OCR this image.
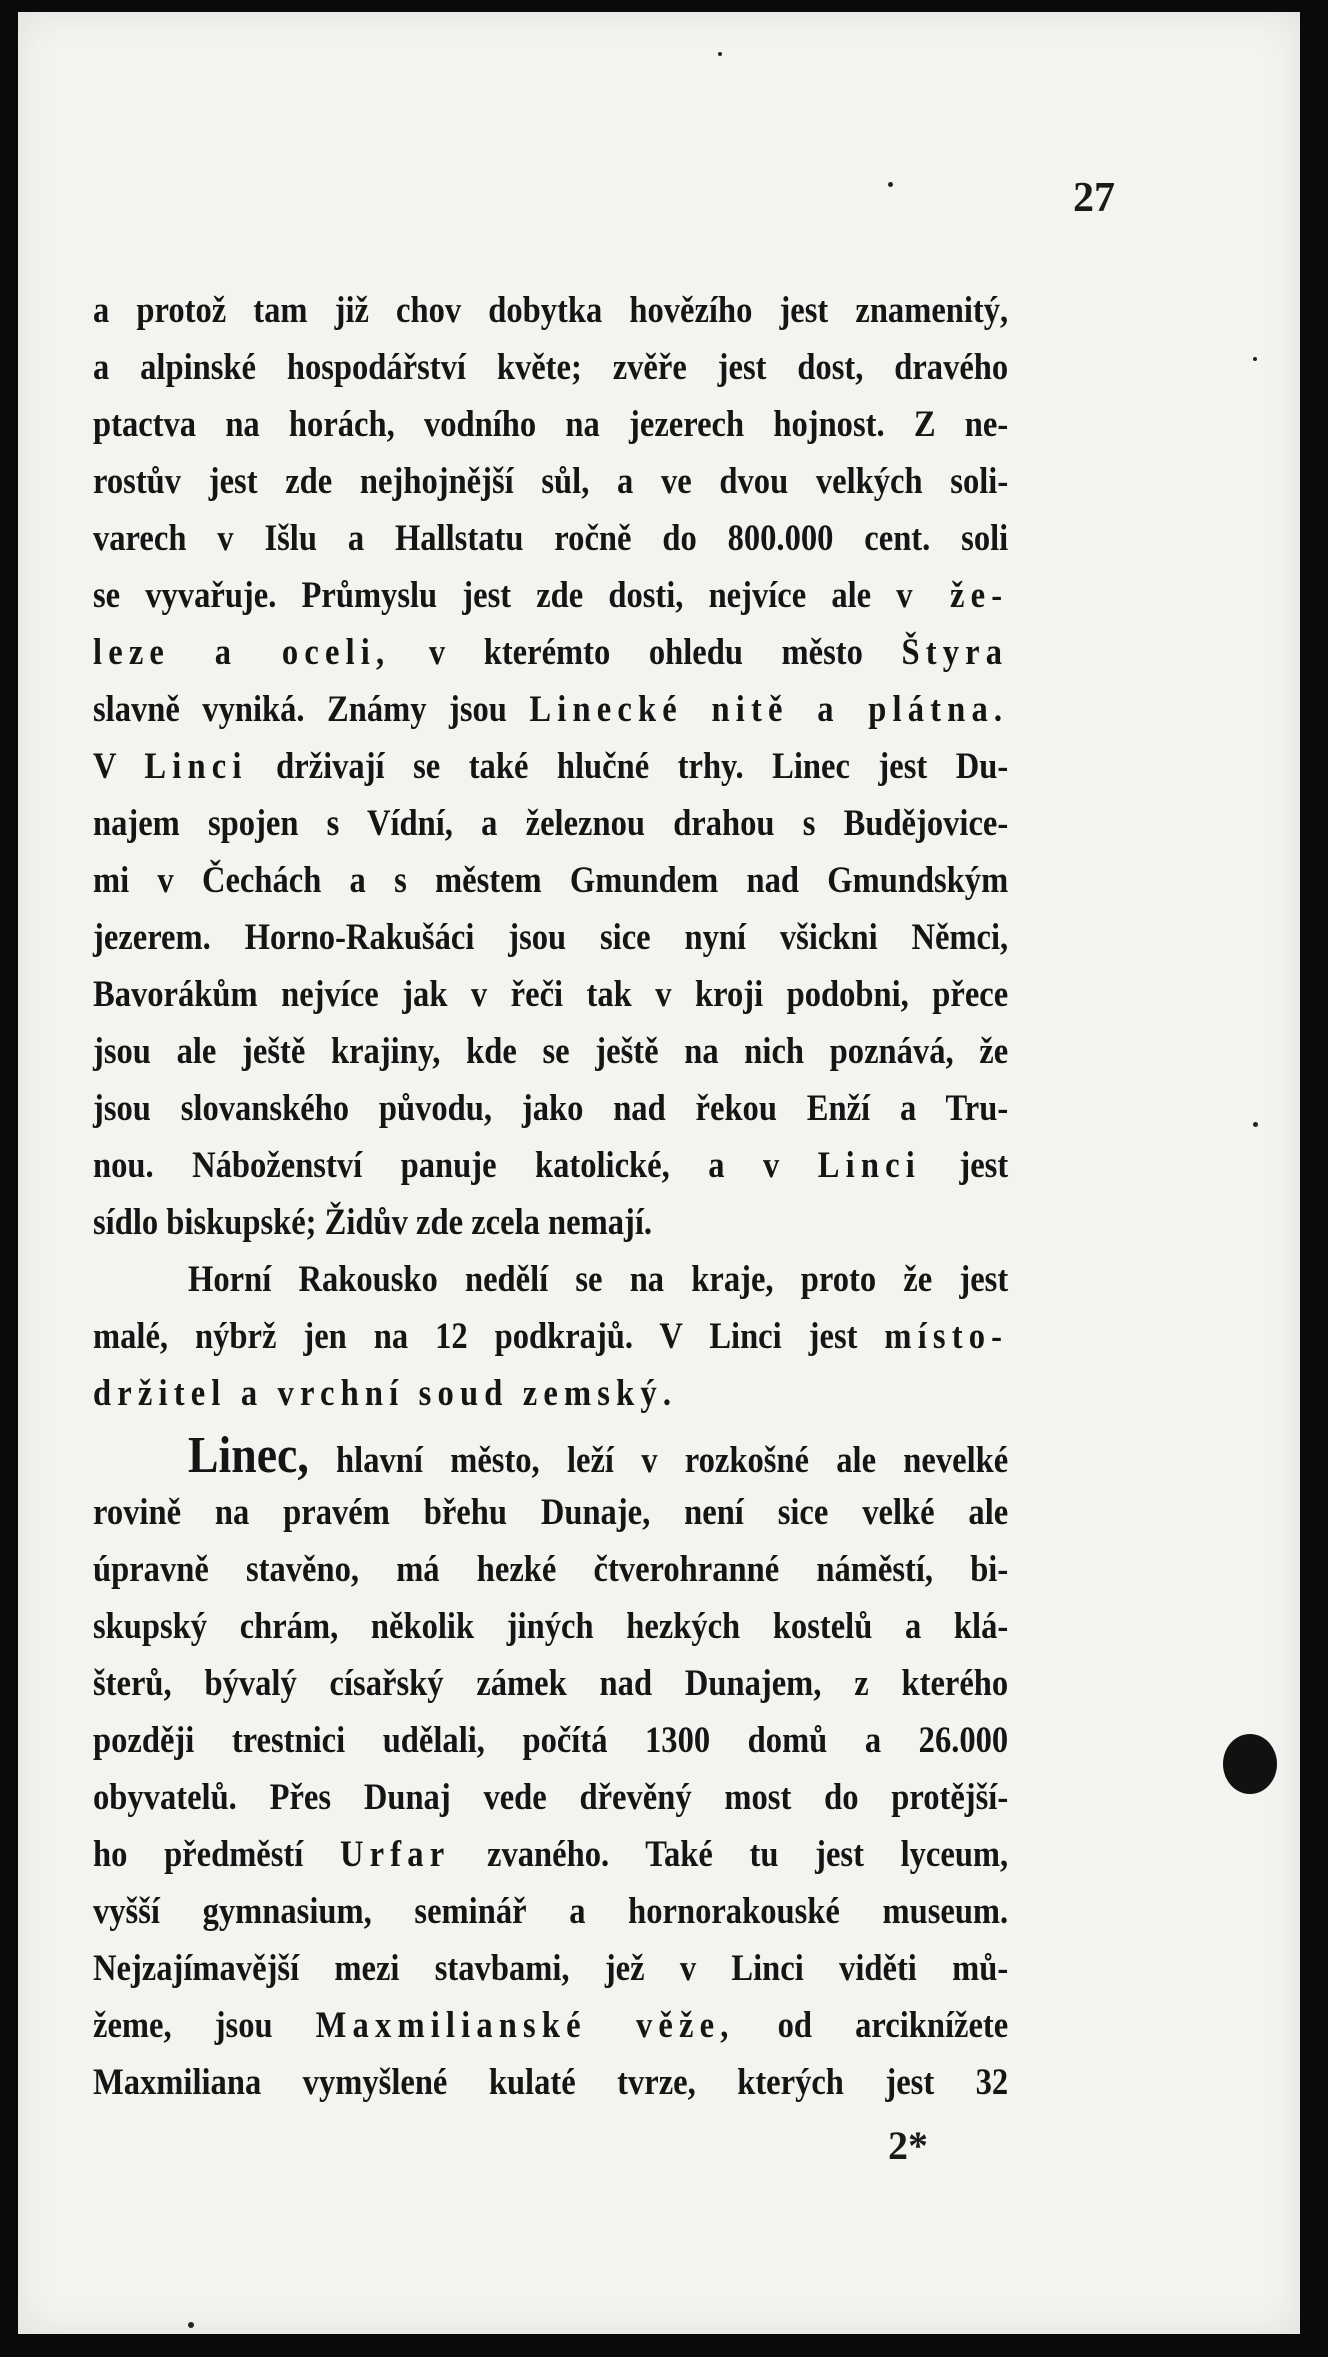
27
a protož tam již chov dobytka hovězího jest znamenitý,
a alpinské hospodářství květe; zvěře jest dost, dravého
ptactva na horách, vodního na jezerech hojnost. Z ne-
rostův jest zde nejhojnější sůl, a ve dvou velkých soli-
varech v Išlu a Hallstatu ročně do 800.000 cent. soli
se vyvařuje. Průmyslu jest zde dosti, nejvíce ale v že-
leze a oceli, v kterémto ohledu město Štyra
slavně vyniká. Známy jsou Linecké nitě a plátna.
V Linci drživají se také hlučné trhy. Linec jest Du-
najem spojen s Vídní, a železnou drahou s Budějovice-
mi v Čechách a s městem Gmundem nad Gmundským
jezerem. Horno-Rakušáci jsou sice nyní všickni Němci,
Bavorákům nejvíce jak v řeči tak v kroji podobni, přece
jsou ale ještě krajiny, kde se ještě na nich poznává, že
jsou slovanského původu, jako nad řekou Enží a Tru-
nou. Náboženství panuje katolické, a v Linci jest
sídlo biskupské; Židův zde zcela nemají.
Horní Rakousko nedělí se na kraje, proto že jest
malé, nýbrž jen na 12 podkrajů. V Linci jest místo-
držitel a vrchní soud zemský.
Linec, hlavní město, leží v rozkošné ale nevelké
rovině na pravém břehu Dunaje, není sice velké ale
úpravně stavěno, má hezké čtverohranné náměstí, bi-
skupský chrám, několik jiných hezkých kostelů a klá-
šterů, bývalý císařský zámek nad Dunajem, z kterého
později trestnici udělali, počítá 1300 domů a 26.000
obyvatelů. Přes Dunaj vede dřevěný most do protější-
ho předměstí Urfar zvaného. Také tu jest lyceum,
vyšší gymnasium, seminář a hornorakouské museum.
Nejzajímavější mezi stavbami, jež v Linci viděti mů-
žeme, jsou Maxmilianské věže, od arciknížete
Maxmiliana vymyšlené kulaté tvrze, kterých jest 32
2*
